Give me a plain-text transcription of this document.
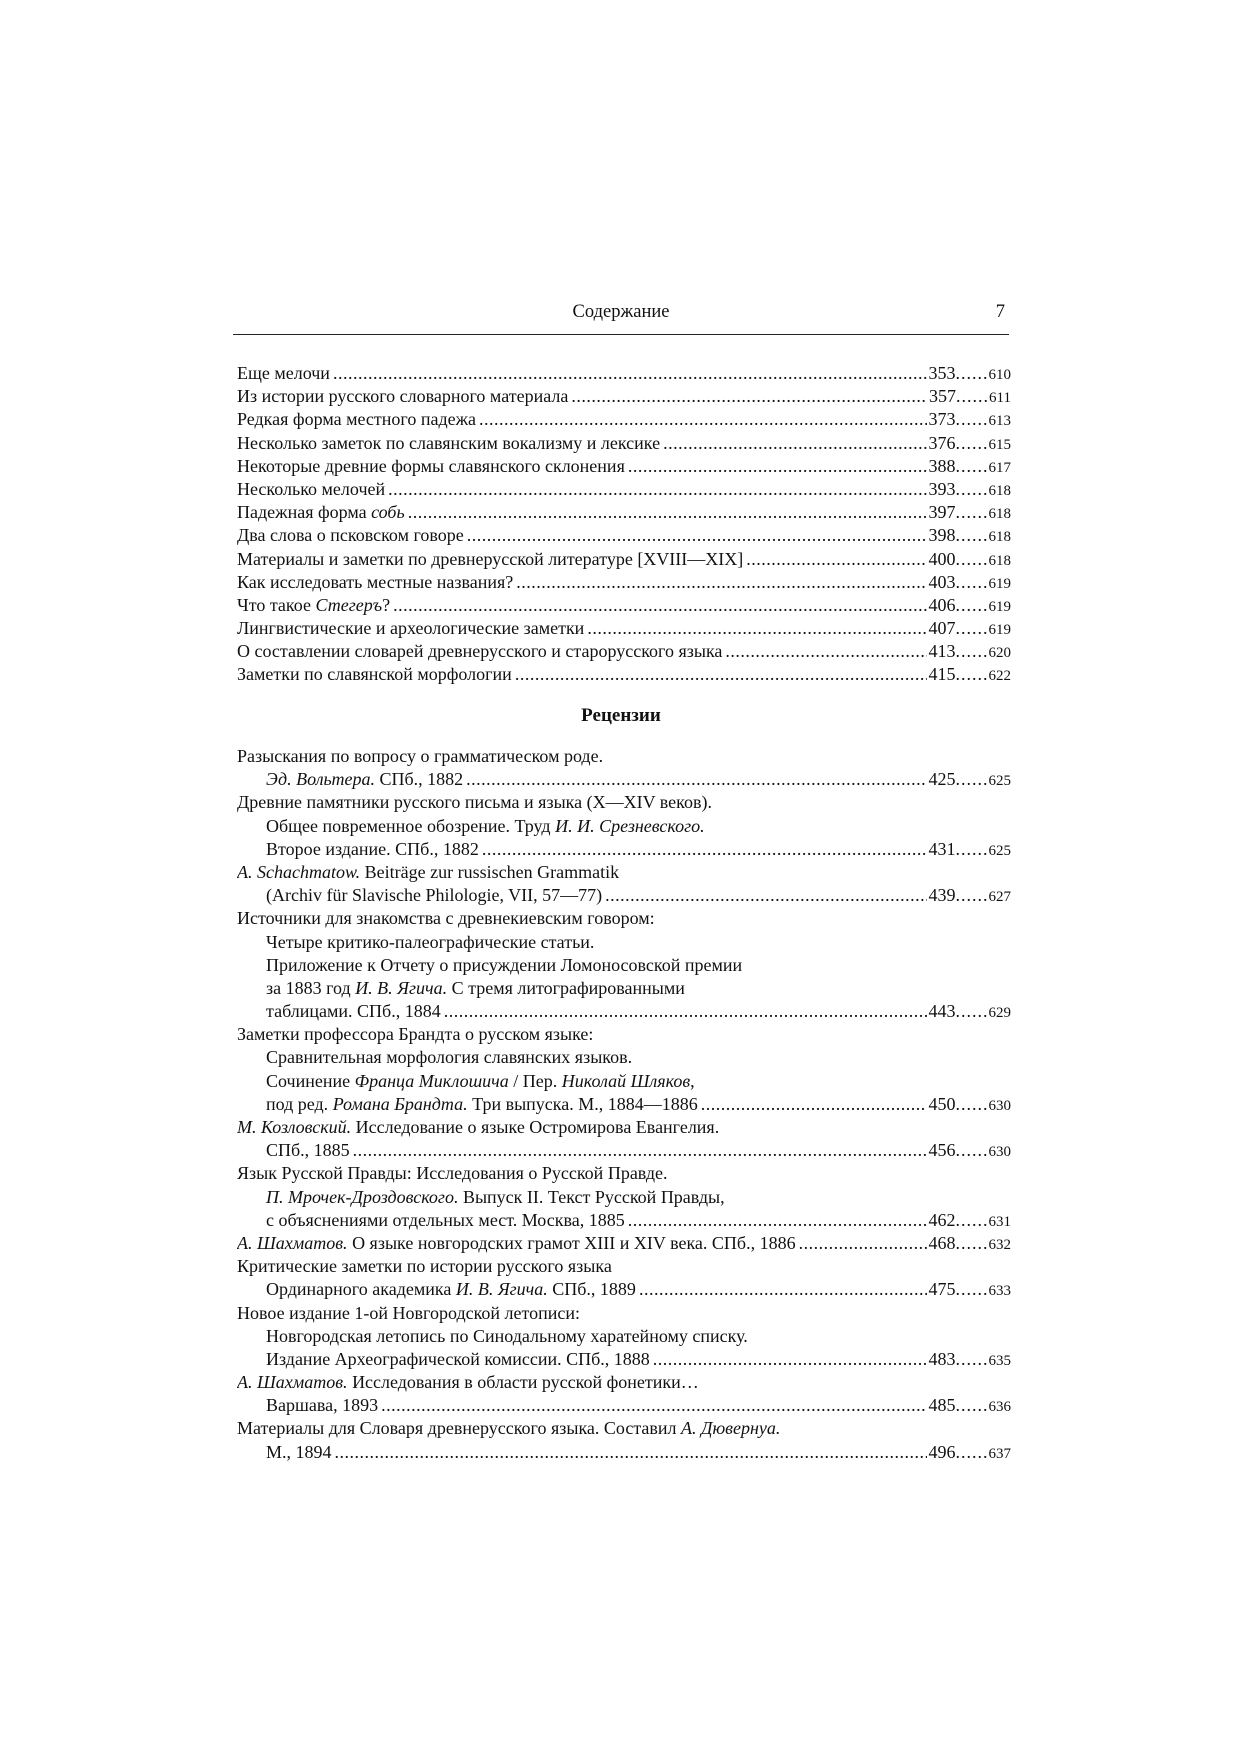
Содержание	7
Еще мелочи .....	353 ...... 610
Из истории русского словарного материала .....	357 ...... 611
Редкая форма местного падежа .....	373 ...... 613
Несколько заметок по славянским вокализму и лексике .....	376 ...... 615
Некоторые древние формы славянского склонения .....	388 ...... 617
Несколько мелочей .....	393 ...... 618
Падежная форма собь .....	397 ...... 618
Два слова о псковском говоре .....	398 ...... 618
Материалы и заметки по древнерусской литературе [XVIII—XIX] .....	400 ...... 618
Как исследовать местные названия? .....	403 ...... 619
Что такое Стегеръ? .....	406 ...... 619
Лингвистические и археологические заметки .....	407 ...... 619
О составлении словарей древнерусского и старорусского языка .....	413 ...... 620
Заметки по славянской морфологии .....	415 ...... 622
Рецензии
Разыскания по вопросу о грамматическом роде.
Эд. Вольтера. СПб., 1882 .....	425 ...... 625
Древние памятники русского письма и языка (X—XIV веков).
Общее повременное обозрение. Труд И. И. Срезневского.
Второе издание. СПб., 1882 .....	431 ...... 625
A. Schachmatow. Beiträge zur russischen Grammatik
(Archiv für Slavische Philologie, VII, 57—77) .....	439 ...... 627
Источники для знакомства с древнекиевским говором:
Четыре критико-палеографические статьи.
Приложение к Отчету о присуждении Ломоносовской премии
за 1883 год И. В. Ягича. С тремя литографированными
таблицами. СПб., 1884 .....	443 ...... 629
Заметки профессора Брандта о русском языке:
Сравнительная морфология славянских языков.
Сочинение Франца Миклошича / Пер. Николай Шляков,
под ред. Романа Брандта. Три выпуска. М., 1884—1886 .....	450 ...... 630
М. Козловский. Исследование о языке Остромирова Евангелия.
СПб., 1885 .....	456 ...... 630
Язык Русской Правды: Исследования о Русской Правде.
П. Мрочек-Дроздовского. Выпуск II. Текст Русской Правды,
с объяснениями отдельных мест. Москва, 1885 .....	462 ...... 631
А. Шахматов. О языке новгородских грамот XIII и XIV века. СПб., 1886 .....	468 ...... 632
Критические заметки по истории русского языка
Ординарного академика И. В. Ягича. СПб., 1889 .....	475 ...... 633
Новое издание 1-ой Новгородской летописи:
Новгородская летопись по Синодальному харатейному списку.
Издание Археографической комиссии. СПб., 1888 .....	483 ...... 635
А. Шахматов. Исследования в области русской фонетики…
Варшава, 1893 .....	485 ...... 636
Материалы для Словаря древнерусского языка. Составил А. Дювернуа.
М., 1894 .....	496 ...... 637
